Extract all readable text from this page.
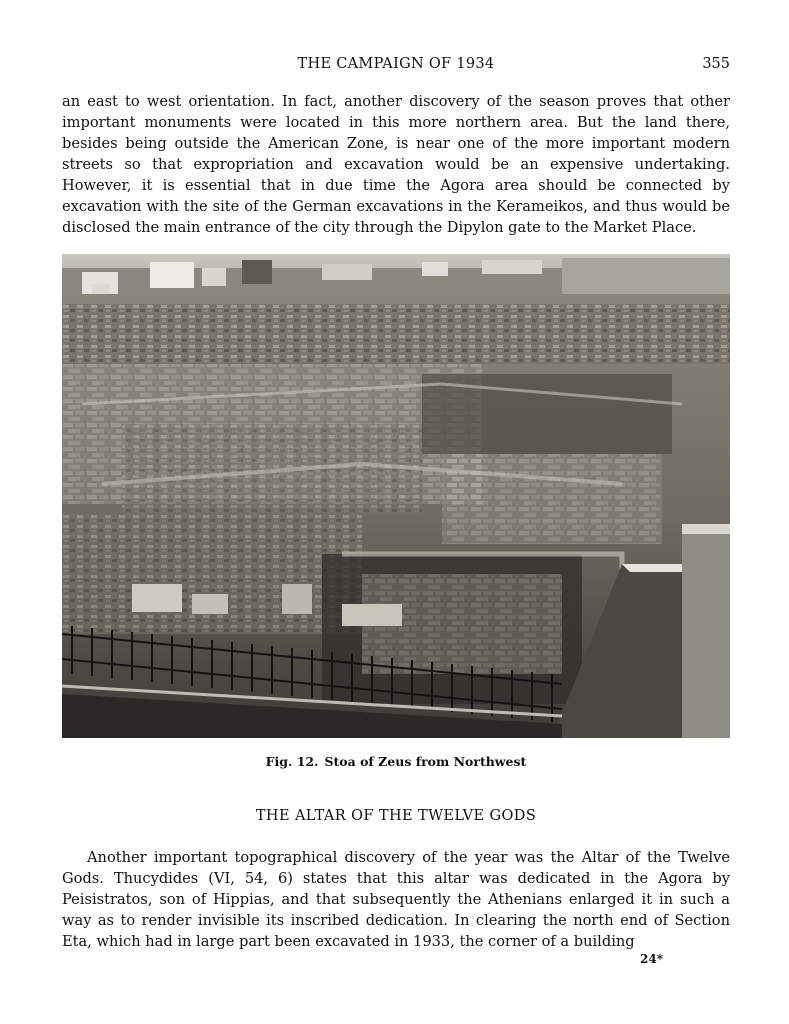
THE CAMPAIGN OF 1934	355

an east to west orientation. In fact, another discovery of the season proves that other important monuments were located in this more northern area. But the land there, besides being outside the American Zone, is near one of the more important modern streets so that expropriation and excavation would be an expensive undertaking. However, it is essential that in due time the Agora area should be connected by excavation with the site of the German excavations in the Kerameikos, and thus would be disclosed the main entrance of the city through the Dipylon gate to the Market Place.

Fig. 12. Stoa of Zeus from Northwest
THE ALTAR OF THE TWELVE GODS

Another important topographical discovery of the year was the Altar of the Twelve Gods. Thucydides (VI, 54, 6) states that this altar was dedicated in the Agora by Peisistratos, son of Hippias, and that subsequently the Athenians enlarged it in such a way as to render invisible its inscribed dedication. In clearing the north end of Section Eta, which had in large part been excavated in 1933, the corner of a building

24*
